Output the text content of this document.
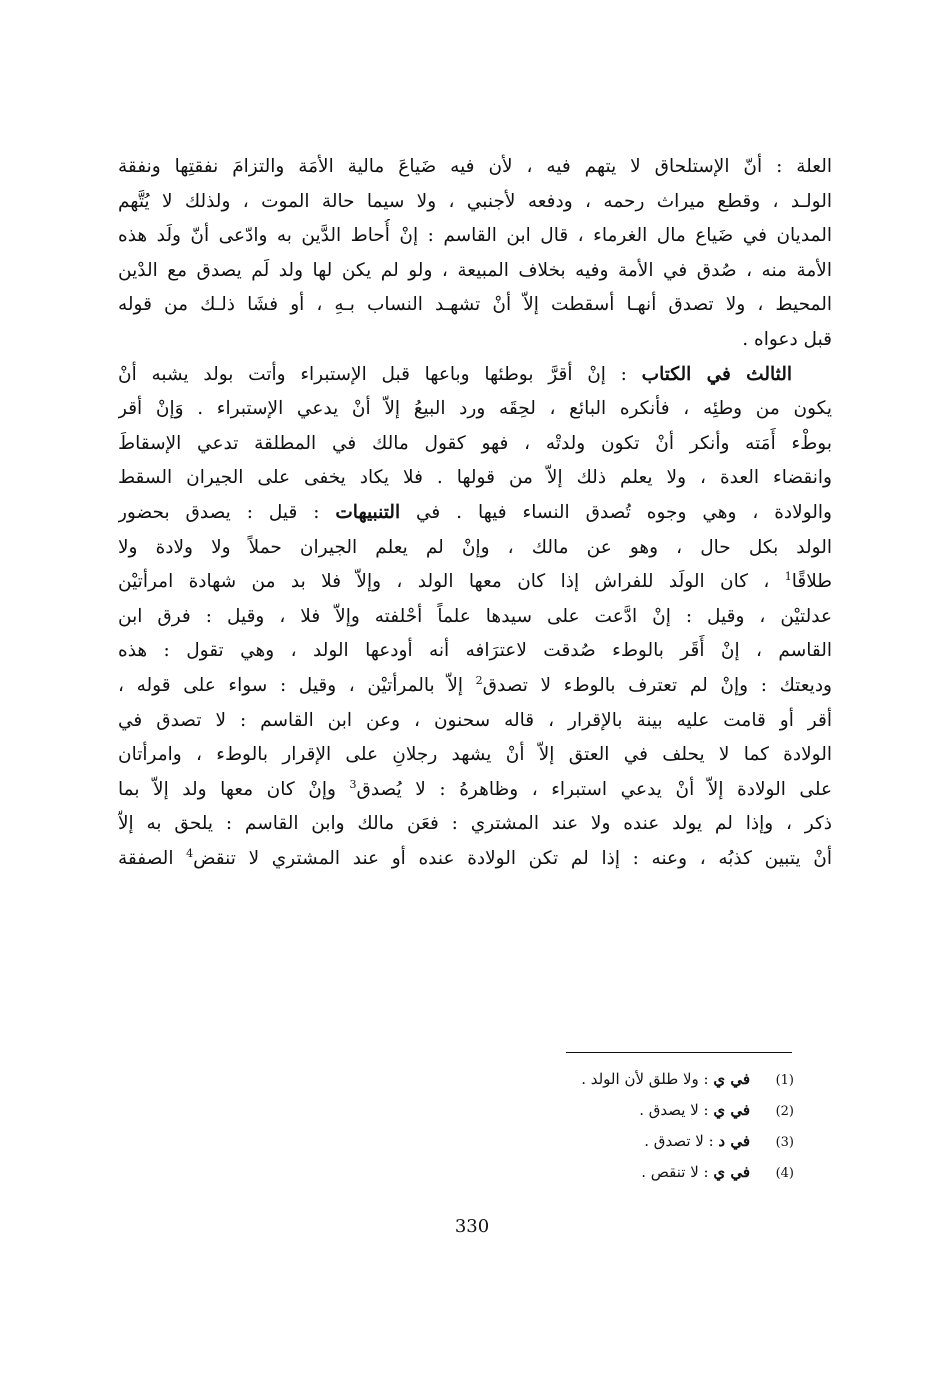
العلة : أنّ الإستلحاق لا يتهم فيه ، لأن فيه ضَياعَ مالية الأمَة والتزامَ نفقتِها ونفقة
الولـد ، وقطع ميراث رحمه ، ودفعه لأجنبي ، ولا سيما حالة الموت ، ولذلك لا يُتَّهم
المديان في ضَياع مال الغرماء ، قال ابن القاسم : إنْ أُحاط الدَّين به وادّعى أنّ ولَد هذه
الأمة منه ، صُدق في الأمة وفيه بخلاف المبيعة ، ولو لم يكن لها ولد لَم يصدق مع الدْين
المحيط ، ولا تصدق أنهـا أسقطت إلاّ أنْ تشهـد النساب بـهِ ، أو فشَا ذلـك من قوله
قبل دعواه .
الثالث في الكتاب : إنْ أقرَّ بوطئها وباعها قبل الإستبراء وأتت بولد يشبه أنْ
يكون من وطئِه ، فأنكره البائع ، لحِقَه ورد البيعُ إلاّ أنْ يدعي الإستبراء . وَإنْ أقر
بوطْء أَمَته وأنكر أنْ تكون ولدتْه ، فهو كقول مالك في المطلقة تدعي الإسقاطَ
وانقضاء العدة ، ولا يعلم ذلك إلاّ من قولها . فلا يكاد يخفى على الجيران السقط
والولادة ، وهي وجوه تُصدق النساء فيها . في التنبيهات : قيل : يصدق بحضور
الولد بكل حال ، وهو عن مالك ، وإنْ لم يعلم الجيران حملاً ولا ولادة ولا
طلاقًا$^1$ ، كان الولَد للفراش إذا كان معها الولد ، وإلاّ فلا بد من شهادة امرأتيْن
عدلتيْن ، وقيل : إنْ ادَّعت على سيدها علماً أحْلفته وإلاّ فلا ، وقيل : فرق ابن
القاسم ، إنْ أَقَر بالوطء صُدقت لاعترَافه أنه أودعها الولد ، وهي تقول : هذه
وديعتك : وإنْ لم تعترف بالوطء لا تصدق$^2$ إلاّ بالمرأتيْن ، وقيل : سواء على قوله ،
أقر أو قامت عليه بينة بالإقرار ، قاله سحنون ، وعن ابن القاسم : لا تصدق في
الولادة كما لا يحلف في العتق إلاّ أنْ يشهد رجلانِ على الإقرار بالوطء ، وامرأتان
على الولادة إلاّ أنْ يدعي استبراء ، وظاهرهُ : لا يُصدق$^3$ وإنْ كان معها ولد إلاّ بما
ذكر ، وإذا لم يولد عنده ولا عند المشتري : فعَن مالك وابن القاسم : يلحق به إلاّ
أنْ يتبين كذبُه ، وعنه : إذا لم تكن الولادة عنده أو عند المشتري لا تنقض$^4$ الصفقة
(1)في ي : ولا طلق لأن الولد .
(2)في ي : لا يصدق .
(3)في د : لا تصدق .
(4)في ي : لا تنقص .
330
